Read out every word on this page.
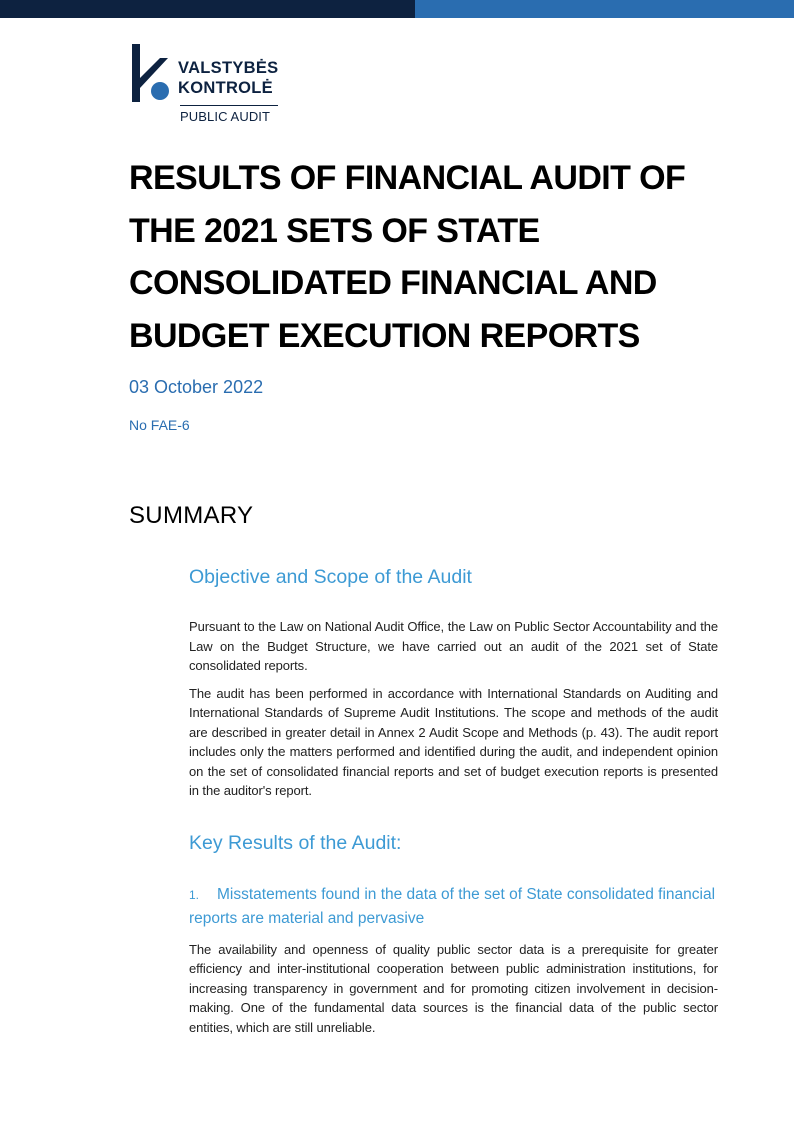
VALSTYBĖS
KONTROLĖ
PUBLIC AUDIT
RESULTS OF FINANCIAL AUDIT OF THE 2021 SETS OF STATE CONSOLIDATED FINANCIAL AND BUDGET EXECUTION REPORTS
03 October 2022
No FAE-6
SUMMARY
Objective and Scope of the Audit

Pursuant to the Law on National Audit Office, the Law on Public Sector Accountability and the Law on the Budget Structure, we have carried out an audit of the 2021 set of State consolidated reports.

The audit has been performed in accordance with International Standards on Auditing and International Standards of Supreme Audit Institutions. The scope and methods of the audit are described in greater detail in Annex 2 Audit Scope and Methods (p. 43). The audit report includes only the matters performed and identified during the audit, and independent opinion on the set of consolidated financial reports and set of budget execution reports is presented in the auditor's report.

Key Results of the Audit:
1. Misstatements found in the data of the set of State consolidated financial reports are material and pervasive

The availability and openness of quality public sector data is a prerequisite for greater efficiency and inter-institutional cooperation between public administration institutions, for increasing transparency in government and for promoting citizen involvement in decision-making. One of the fundamental data sources is the financial data of the public sector entities, which are still unreliable.
